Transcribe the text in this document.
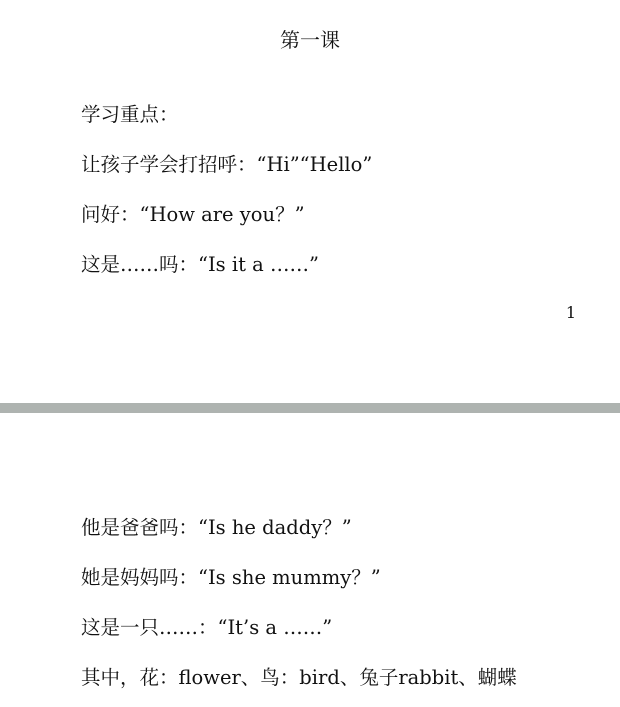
第一课
学习重点：
让孩子学会打招呼：“Hi”“Hello”
问好：“How are you？”
这是……吗：“Is it a ……”
1
他是爸爸吗：“Is he daddy？”
她是妈妈吗：“Is she mummy？”
这是一只……：“It’s a ……”
其中，花：flower、鸟：bird、兔子rabbit、蝴蝶
